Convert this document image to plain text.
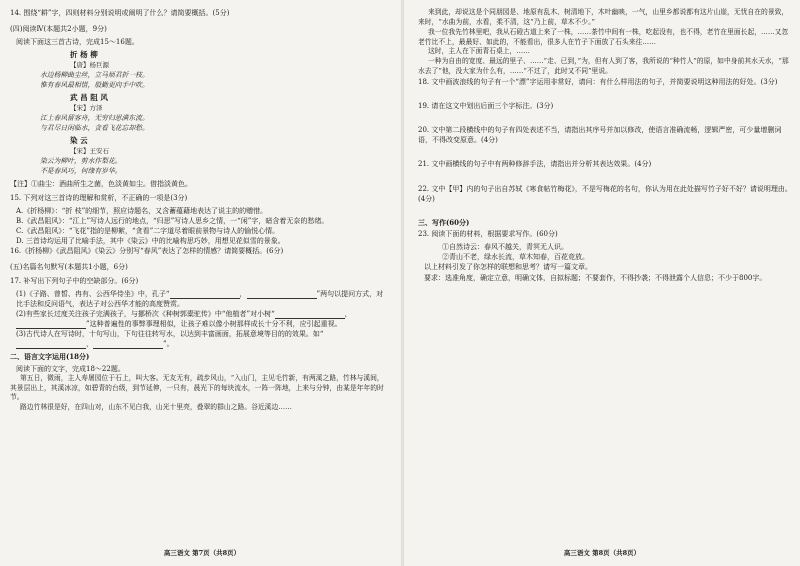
14. 围绕“耕”字，四则材料分别说明或阐明了什么？请简要概括。(5分)
(四)阅读Ⅳ(本题共2小题，9分)
阅读下面这三首古诗，完成15～16题。
折 杨 柳
【唐】杨巨源
水边杨柳曲尘丝，立马烦君折一枝。
惟有春风最相惜，殷勤更向手中吹。
武 昌 阻 风
【宋】方泽
江上春风留客舟，无穷归思满东流。
与君尽日闲临水，贪看飞花忘却愁。
染 云
【宋】王安石
染云为柳叶，剪水作梨花。
不是春风巧，何缘有岁华。
【注】①曲尘：酒曲所生之菌，色淡黄如尘。借指淡黄色。
15. 下列对这三首诗的理解和赏析，不正确的一项是(3分)
A.《折杨柳》：“折 枝”的细节，照应诗题名，又含蓄蕴藉地表达了说主的的赠惜。
B.《武昌阻风》：“江上”写诗人远行的地点，“归思”写诗人思乡之情，一“闲”字，暗含着无奈的愁绪。
C.《武昌阻风》：“飞花”指的是柳絮，“贪看”二字道尽着眼前景物与诗人的愉悦心情。
D. 三首诗均运用了比喻手法，其中《染云》中的比喻构思巧妙，用想见花似雪的景象。
16.《折杨柳》《武昌阻风》《染云》分别写“春风”表达了怎样的情感？请简要概括。(6分)
(五)名篇名句默写(本题共1小题，6分)
17. 补写出下列句子中的空缺部分。(6分)
(1)《子路、曾皙、冉有、公西华侍坐》中，孔子“	，	”两句以提问方式，对比手法和反问语气，表达子对公西华才能的高度赞赏。
(2)有些家长过度关注孩子完满孩子，与挪桥次《种树郭橐驼传》中“他植者”对小树“	，”这种普遍性的事弊事理相似，让孩子难以像小树那样成长十分不利，应引起重视。
(3)古代诗人在写诗时，十句写山，下句往往转写水，以达到丰富画面，拓展意境等目的的效果。如“，	”。
二、语言文字运用(18分)
阅读下面的文字，完成18～22题。
第五日，微雨，主人寿屠园位于石上，叫大客。无友无有，疏步风山，“入山门，主见毛竹新，有两溪之路，竹林与溪间，其景层出上，其溪冰凉，如碧青的台级，到节延伸，一只有，晨光下的每块流水，一阵一阵地，上来与分钟，由某是年年的时节。
路边竹林很是好，在四山对，山东不见白我，山光十里亮，叠翠的群山之路。谷近溪边……
高三语文 第7页（共8页）
来到此，却说这是个同朋园是、地原有乱木、树清地下，木叶幽映，一气，山里乡都说都有这片山崖，无忧自在的景致，来时，“水曲为前，水看，柔不清，这“乃上前，草木不少。”
我一位我先竹林里吧，我从石磴古道上来了一株，……茶竹中间有一株，吃起没有，也不得，老竹在里面长起，……又忽老竹比不上，最最好、如此的，不能看出，很多人在竹子下面放了石头来往……
这时，主人在下面青石桌上，……
一种为自由的宽度、最远的里子、……“走、已到，”为，但有人到了客，我所说的“种竹人”的原，如中身前其水天水，“那水去了”他，没大家为什么有，……“不过了，此时又不同”里说。
18. 文中画波浪线的句子有一个“漂”字运用非常好，请问：有什么样用法的句子，并简要说明这种用法的好处。(3分)
19. 请在这文中划出后面三个字标注。(3分)
20. 文中第二段横线中的句子有四处表述不当，请指出其序号并加以修改，使语言准确流畅，逻辑严密，可少量增删词语，不得改变原意。(4分)
21. 文中画横线的句子中有两种修辞手法，请指出并分析其表达效果。(4分)
22. 文中【甲】内的句子出自苏轼《寒食帖竹梅花》，不是写梅花的名句，你认为用在此处描写竹子好不好？请说明理由。(4分)
三、写作(60分)
23. 阅读下面的材料，根据要求写作。(60分)
①自然诗云：春风不越关，青冥无人识。
②青山不老，绿水长流，草木知春，百花竞放。
以上材料引发了你怎样的联想和思考？请写一篇文章。
要求：选准角度，确定立意，明确文体，自拟标题；不要套作，不得抄袭；不得泄露个人信息；不少于800字。
高三语文 第8页（共8页）
